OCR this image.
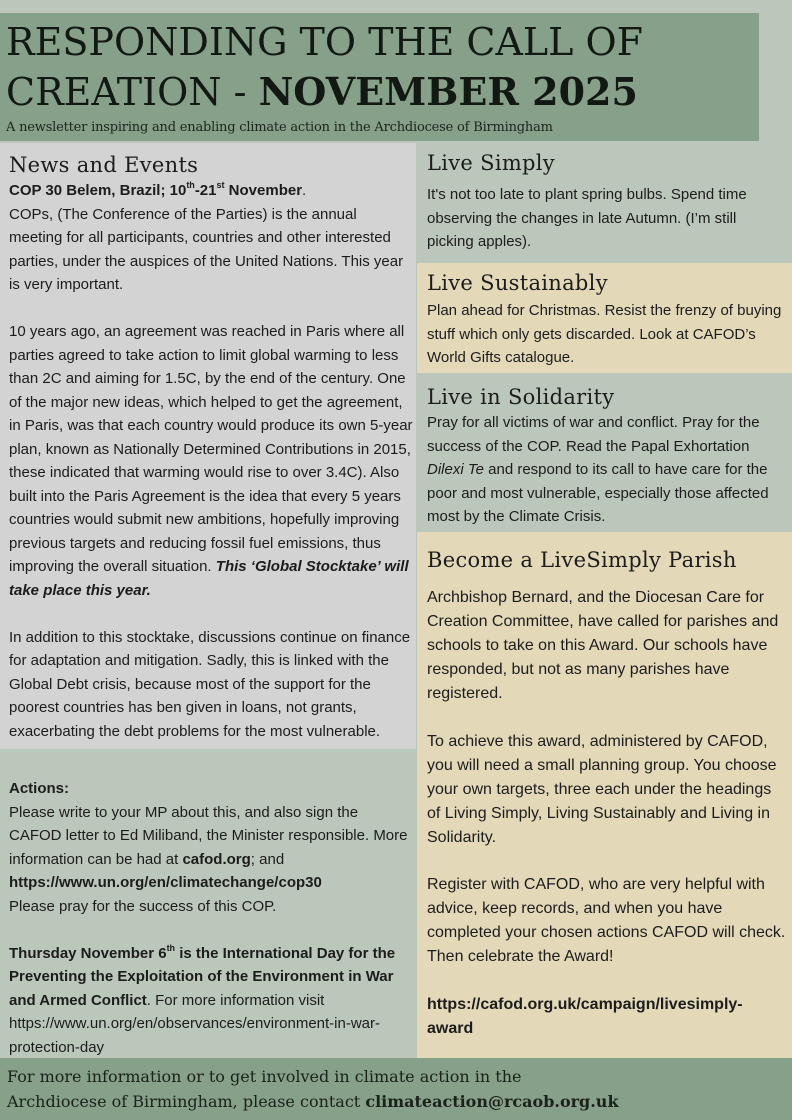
RESPONDING TO THE CALL OF
CREATION - NOVEMBER 2025
A newsletter inspiring and enabling climate action in the Archdiocese of Birmingham
News and Events

COP 30 Belem, Brazil; 10th-21st November.

COPs, (The Conference of the Parties) is the annual meeting for all participants, countries and other interested parties, under the auspices of the United Nations. This year is very important.

10 years ago, an agreement was reached in Paris where all parties agreed to take action to limit global warming to less than 2C and aiming for 1.5C, by the end of the century. One of the major new ideas, which helped to get the agreement, in Paris, was that each country would produce its own 5-year plan, known as Nationally Determined Contributions in 2015, these indicated that warming would rise to over 3.4C). Also built into the Paris Agreement is the idea that every 5 years countries would submit new ambitions, hopefully improving previous targets and reducing fossil fuel emissions, thus improving the overall situation. This ‘Global Stocktake’ will take place this year.

In addition to this stocktake, discussions continue on finance for adaptation and mitigation. Sadly, this is linked with the Global Debt crisis, because most of the support for the poorest countries has ben given in loans, not grants, exacerbating the debt problems for the most vulnerable.

Actions:

Please write to your MP about this, and also sign the CAFOD letter to Ed Miliband, the Minister responsible. More information can be had at cafod.org; and
https://www.un.org/en/climatechange/cop30
Please pray for the success of this COP.

Thursday November 6th is the International Day for the Preventing the Exploitation of the Environment in War and Armed Conflict. For more information visit https://www.un.org/en/observances/environment-in-war-protection-day

Live Simply

It's not too late to plant spring bulbs. Spend time observing the changes in late Autumn. (I’m still picking apples).

Live Sustainably

Plan ahead for Christmas. Resist the frenzy of buying stuff which only gets discarded. Look at CAFOD’s World Gifts catalogue.

Live in Solidarity

Pray for all victims of war and conflict. Pray for the success of the COP. Read the Papal Exhortation Dilexi Te and respond to its call to have care for the poor and most vulnerable, especially those affected most by the Climate Crisis.

Become a LiveSimply Parish

Archbishop Bernard, and the Diocesan Care for Creation Committee, have called for parishes and schools to take on this Award. Our schools have responded, but not as many parishes have registered.

To achieve this award, administered by CAFOD, you will need a small planning group. You choose your own targets, three each under the headings of Living Simply, Living Sustainably and Living in Solidarity.

Register with CAFOD, who are very helpful with advice, keep records, and when you have completed your chosen actions CAFOD will check. Then celebrate the Award!

https://cafod.org.uk/campaign/livesimply-award

For more information or to get involved in climate action in the
Archdiocese of Birmingham, please contact climateaction@rcaob.org.uk
